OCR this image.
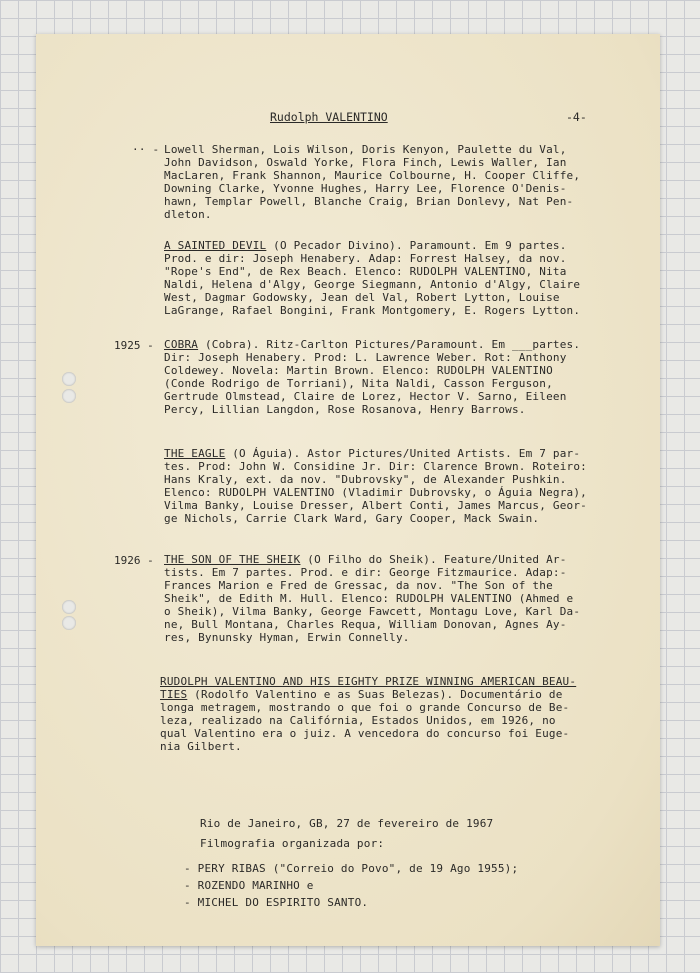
Rudolph VALENTINO	-4-
·· - Lowell Sherman, Lois Wilson, Doris Kenyon, Paulette du Val,
John Davidson, Oswald Yorke, Flora Finch, Lewis Waller, Ian
MacLaren, Frank Shannon, Maurice Colbourne, H. Cooper Cliffe,
Downing Clarke, Yvonne Hughes, Harry Lee, Florence O'Denis-
hawn, Templar Powell, Blanche Craig, Brian Donlevy, Nat Pen-
dleton.
A SAINTED DEVIL (O Pecador Divino). Paramount. Em 9 partes.
Prod. e dir: Joseph Henabery. Adap: Forrest Halsey, da nov.
"Rope's End", de Rex Beach. Elenco: RUDOLPH VALENTINO, Nita
Naldi, Helena d'Algy, George Siegmann, Antonio d'Algy, Claire
West, Dagmar Godowsky, Jean del Val, Robert Lytton, Louise
LaGrange, Rafael Bongini, Frank Montgomery, E. Rogers Lytton.
1925 - COBRA (Cobra). Ritz-Carlton Pictures/Paramount. Em ___partes.
Dir: Joseph Henabery. Prod: L. Lawrence Weber. Rot: Anthony
Coldewey. Novela: Martin Brown. Elenco: RUDOLPH VALENTINO
(Conde Rodrigo de Torriani), Nita Naldi, Casson Ferguson,
Gertrude Olmstead, Claire de Lorez, Hector V. Sarno, Eileen
Percy, Lillian Langdon, Rose Rosanova, Henry Barrows.
THE EAGLE (O Águia). Astor Pictures/United Artists. Em 7 par-
tes. Prod: John W. Considine Jr. Dir: Clarence Brown. Roteiro:
Hans Kraly, ext. da nov. "Dubrovsky", de Alexander Pushkin.
Elenco: RUDOLPH VALENTINO (Vladimir Dubrovsky, o Águia Negra),
Vilma Banky, Louise Dresser, Albert Conti, James Marcus, Geor-
ge Nichols, Carrie Clark Ward, Gary Cooper, Mack Swain.
1926 - THE SON OF THE SHEIK (O Filho do Sheik). Feature/United Ar-
tists. Em 7 partes. Prod. e dir: George Fitzmaurice. Adap:-
Frances Marion e Fred de Gressac, da nov. "The Son of the
Sheik", de Edith M. Hull. Elenco: RUDOLPH VALENTINO (Ahmed e
o Sheik), Vilma Banky, George Fawcett, Montagu Love, Karl Da-
ne, Bull Montana, Charles Requa, William Donovan, Agnes Ay-
res, Bynunsky Hyman, Erwin Connelly.
RUDOLPH VALENTINO AND HIS EIGHTY PRIZE WINNING AMERICAN BEAU-
TIES (Rodolfo Valentino e as Suas Belezas). Documentário de
longa metragem, mostrando o que foi o grande Concurso de Be-
leza, realizado na Califórnia, Estados Unidos, em 1926, no
qual Valentino era o juiz. A vencedora do concurso foi Euge-
nia Gilbert.
Rio de Janeiro, GB, 27 de fevereiro de 1967
Filmografia organizada por:
- PERY RIBAS ("Correio do Povo", de 19 Ago 1955);
- ROZENDO MARINHO e
- MICHEL DO ESPIRITO SANTO.
